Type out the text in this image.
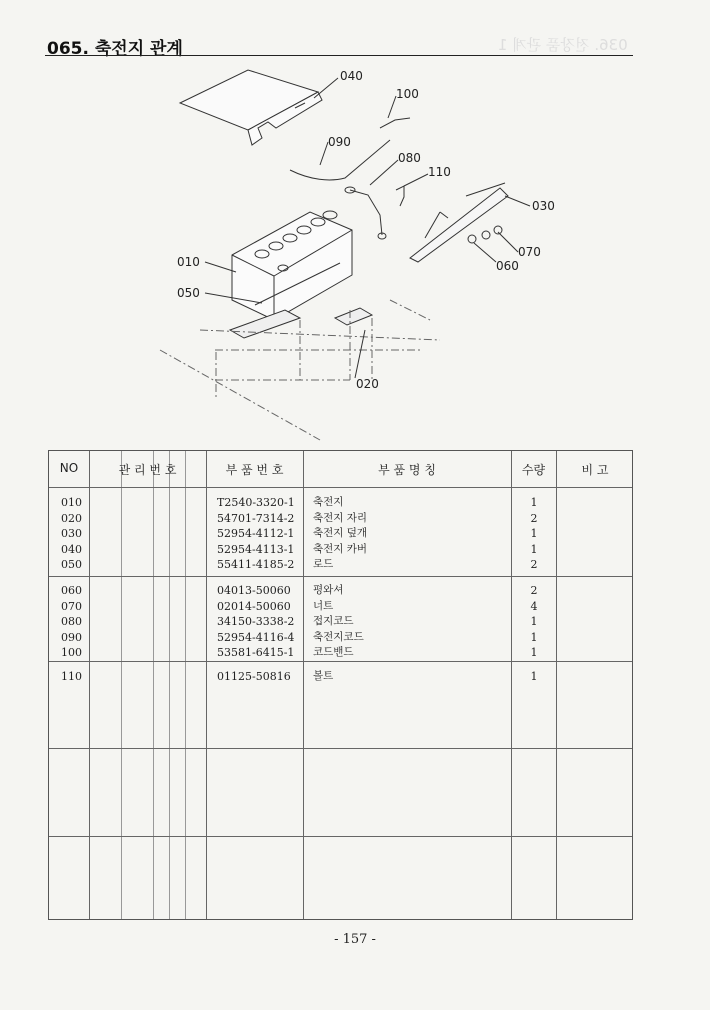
065. 축전지 관계	036. 전장품 관계 1
040
100
090
080
110
030
010
050
070
060
020
NO	관 리 번 호	부 품 번 호	부 품 명 칭	수량	비 고
010	T2540-3320-1 축전지	1
020	54701-7314-2 축전지 자리	2
030	52954-4112-1 축전지 덮개	1
040	52954-4113-1 축전지 카버	1
050	55411-4185-2 로드	2
060	04013-50060 평와셔	2
070	02014-50060 너트	4
080	34150-3338-2 접지코드	1
090	52954-4116-4 축전지코드	1
100	53581-6415-1 코드밴드	1
110	01125-50816 볼트	1
- 157 -
